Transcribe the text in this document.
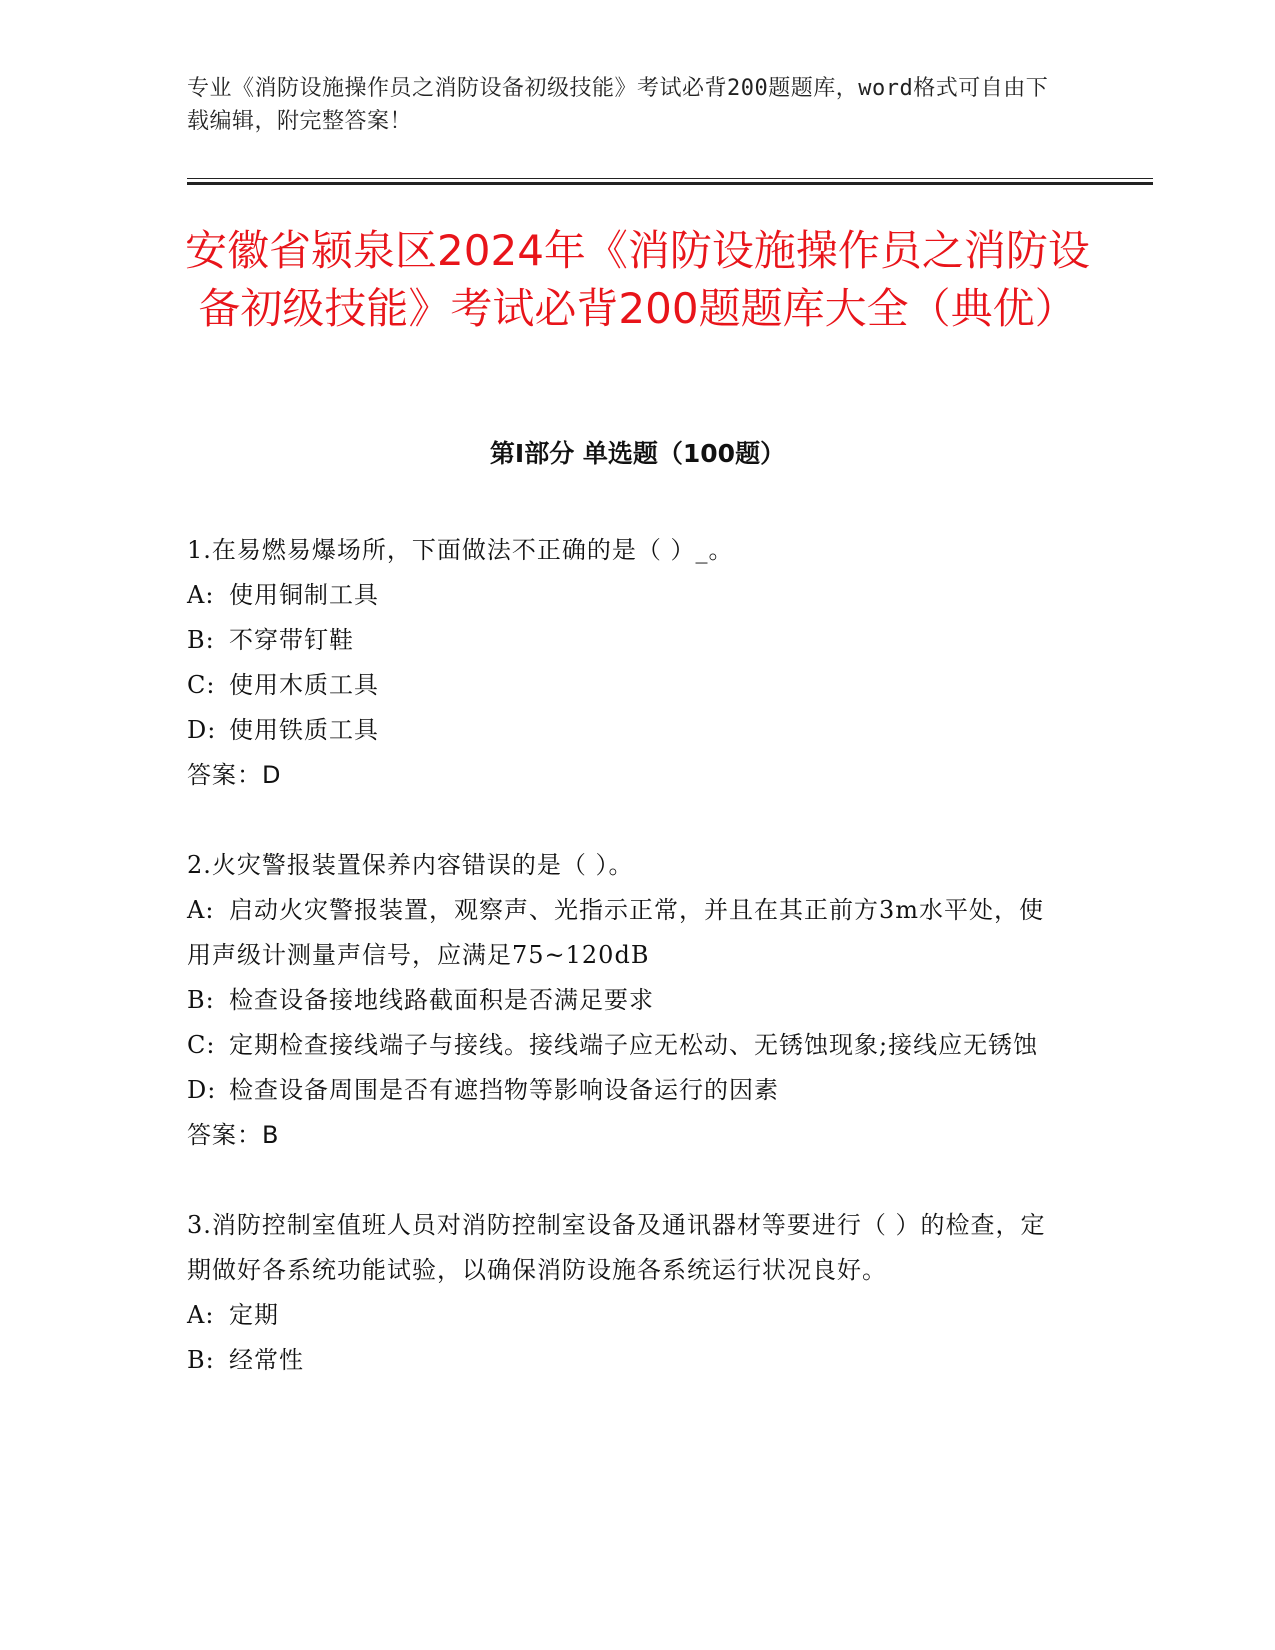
专业《消防设施操作员之消防设备初级技能》考试必背200题题库，word格式可自由下载编辑，附完整答案！
安徽省颍泉区2024年《消防设施操作员之消防设备初级技能》考试必背200题题库大全（典优）
第I部分 单选题（100题）

1.在易燃易爆场所，下面做法不正确的是（ ）_。

A: 使用铜制工具

B: 不穿带钉鞋

C: 使用木质工具

D: 使用铁质工具

答案：D

2.火灾警报装置保养内容错误的是（ ）。

A: 启动火灾警报装置，观察声、光指示正常，并且在其正前方3m水平处，使用声级计测量声信号，应满足75~120dB

B: 检查设备接地线路截面积是否满足要求

C: 定期检查接线端子与接线。接线端子应无松动、无锈蚀现象;接线应无锈蚀

D: 检查设备周围是否有遮挡物等影响设备运行的因素

答案：B

3.消防控制室值班人员对消防控制室设备及通讯器材等要进行（ ）的检查，定期做好各系统功能试验，以确保消防设施各系统运行状况良好。

A: 定期

B: 经常性
